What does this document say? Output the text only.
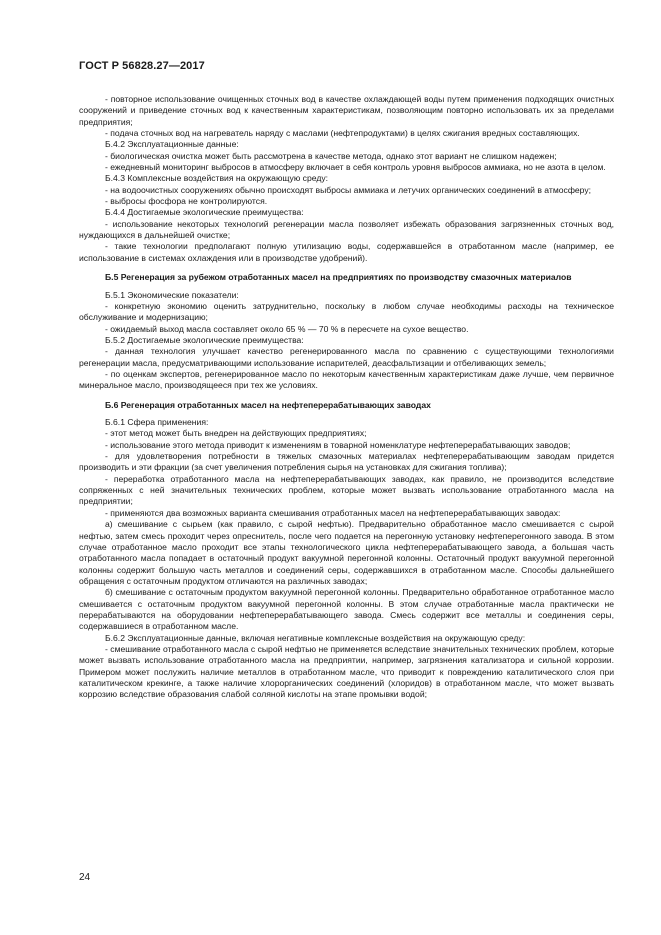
ГОСТ Р 56828.27—2017

- повторное использование очищенных сточных вод в качестве охлаждающей воды путем применения подходящих очистных сооружений и приведение сточных вод к качественным характеристикам, позволяющим повторно использовать их за пределами предприятия;

- подача сточных вод на нагреватель наряду с маслами (нефтепродуктами) в целях сжигания вредных составляющих.

Б.4.2 Эксплуатационные данные:

- биологическая очистка может быть рассмотрена в качестве метода, однако этот вариант не слишком надежен;

- ежедневный мониторинг выбросов в атмосферу включает в себя контроль уровня выбросов аммиака, но не азота в целом.

Б.4.3 Комплексные воздействия на окружающую среду:

- на водоочистных сооружениях обычно происходят выбросы аммиака и летучих органических соединений в атмосферу;

- выбросы фосфора не контролируются.

Б.4.4 Достигаемые экологические преимущества:

- использование некоторых технологий регенерации масла позволяет избежать образования загрязненных сточных вод, нуждающихся в дальнейшей очистке;

- такие технологии предполагают полную утилизацию воды, содержавшейся в отработанном масле (например, ее использование в системах охлаждения или в производстве удобрений).

Б.5 Регенерация за рубежом отработанных масел на предприятиях по производству смазочных материалов

Б.5.1 Экономические показатели:

- конкретную экономию оценить затруднительно, поскольку в любом случае необходимы расходы на техническое обслуживание и модернизацию;

- ожидаемый выход масла составляет около 65 % — 70 % в пересчете на сухое вещество.

Б.5.2 Достигаемые экологические преимущества:

- данная технология улучшает качество регенерированного масла по сравнению с существующими технологиями регенерации масла, предусматривающими использование испарителей, деасфальтизации и отбеливающих земель;

- по оценкам экспертов, регенерированное масло по некоторым качественным характеристикам даже лучше, чем первичное минеральное масло, производящееся при тех же условиях.

Б.6 Регенерация отработанных масел на нефтеперерабатывающих заводах

Б.6.1 Сфера применения:

- этот метод может быть внедрен на действующих предприятиях;

- использование этого метода приводит к изменениям в товарной номенклатуре нефтеперерабатывающих заводов;

- для удовлетворения потребности в тяжелых смазочных материалах нефтеперерабатывающим заводам придется производить и эти фракции (за счет увеличения потребления сырья на установках для сжигания топлива);

- переработка отработанного масла на нефтеперерабатывающих заводах, как правило, не производится вследствие сопряженных с ней значительных технических проблем, которые может вызвать использование отработанного масла на предприятии;

- применяются два возможных варианта смешивания отработанных масел на нефтеперерабатывающих заводах:

а) смешивание с сырьем (как правило, с сырой нефтью). Предварительно обработанное масло смешивается с сырой нефтью, затем смесь проходит через опреснитель, после чего подается на перегонную установку нефтеперегонного завода. В этом случае отработанное масло проходит все этапы технологического цикла нефтеперерабатывающего завода, а большая часть отработанного масла попадает в остаточный продукт вакуумной перегонной колонны. Остаточный продукт вакуумной перегонной колонны содержит большую часть металлов и соединений серы, содержавшихся в отработанном масле. Способы дальнейшего обращения с остаточным продуктом отличаются на различных заводах;

б) смешивание с остаточным продуктом вакуумной перегонной колонны. Предварительно обработанное отработанное масло смешивается с остаточным продуктом вакуумной перегонной колонны. В этом случае отработанные масла практически не перерабатываются на оборудовании нефтеперерабатывающего завода. Смесь содержит все металлы и соединения серы, содержавшиеся в отработанном масле.

Б.6.2 Эксплуатационные данные, включая негативные комплексные воздействия на окружающую среду:

- смешивание отработанного масла с сырой нефтью не применяется вследствие значительных технических проблем, которые может вызвать использование отработанного масла на предприятии, например, загрязнения катализатора и сильной коррозии. Примером может послужить наличие металлов в отработанном масле, что приводит к повреждению каталитического слоя при каталитическом крекинге, а также наличие хлорорганических соединений (хлоридов) в отработанном масле, что может вызвать коррозию вследствие образования слабой соляной кислоты на этапе промывки водой;

24
